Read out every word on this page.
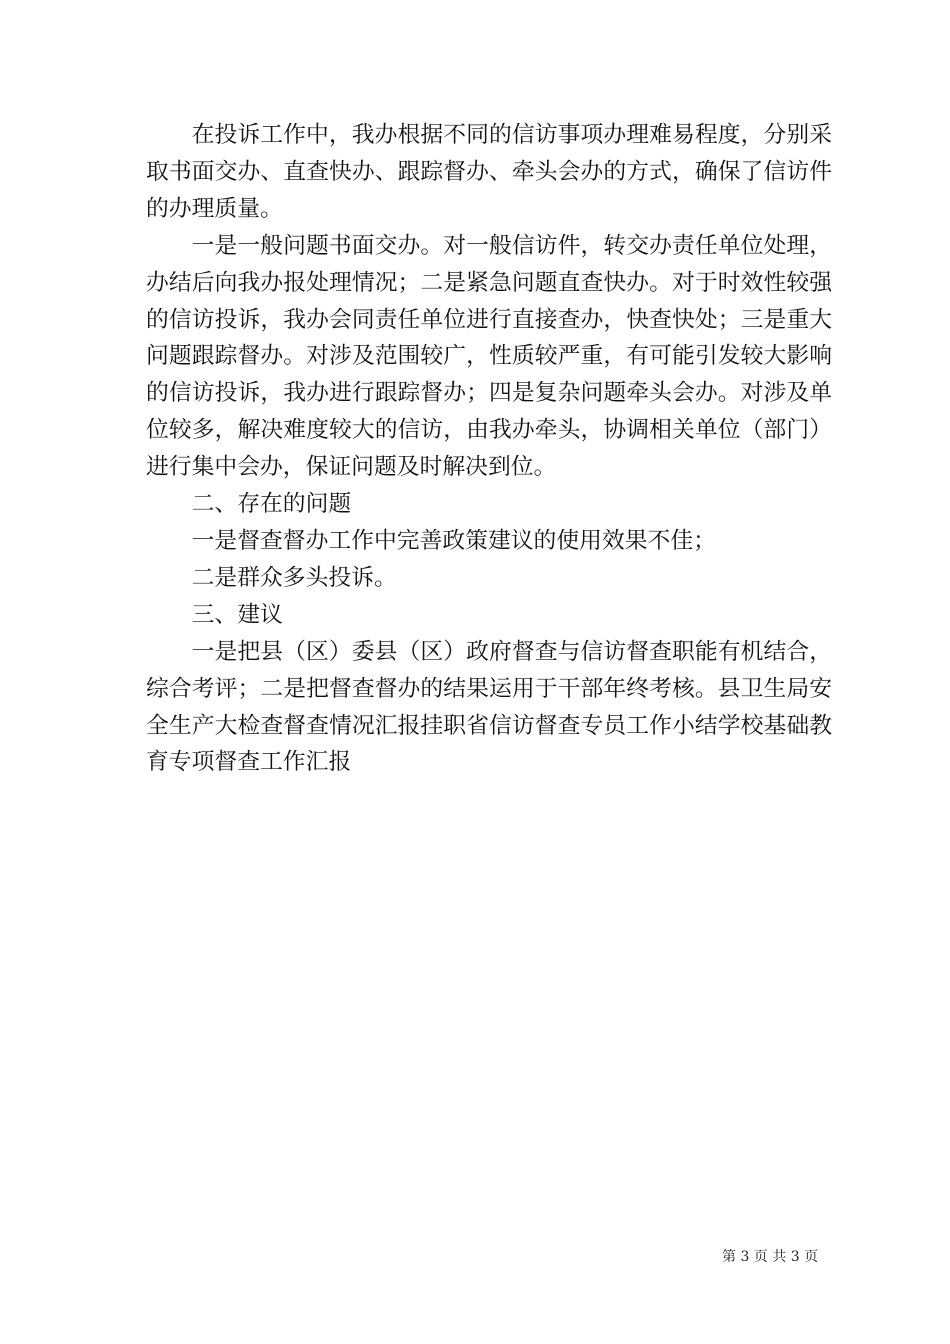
在投诉工作中，我办根据不同的信访事项办理难易程度，分别采取书面交办、直查快办、跟踪督办、牵头会办的方式，确保了信访件的办理质量。

一是一般问题书面交办。对一般信访件，转交办责任单位处理，办结后向我办报处理情况；二是紧急问题直查快办。对于时效性较强的信访投诉，我办会同责任单位进行直接查办，快查快处；三是重大问题跟踪督办。对涉及范围较广，性质较严重，有可能引发较大影响的信访投诉，我办进行跟踪督办；四是复杂问题牵头会办。对涉及单位较多，解决难度较大的信访，由我办牵头，协调相关单位（部门）进行集中会办，保证问题及时解决到位。

二、存在的问题

一是督查督办工作中完善政策建议的使用效果不佳；

二是群众多头投诉。

三、建议

一是把县（区）委县（区）政府督查与信访督查职能有机结合，综合考评；二是把督查督办的结果运用于干部年终考核。县卫生局安全生产大检查督查情况汇报挂职省信访督查专员工作小结学校基础教育专项督查工作汇报

第 3 页 共 3 页
